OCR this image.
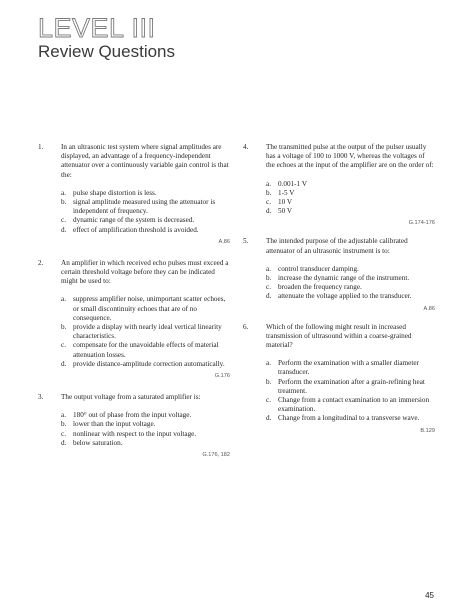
LEVEL III
Review Questions
1. In an ultrasonic test system where signal amplitudes are displayed, an advantage of a frequency-independent attenuator over a continuously variable gain control is that the:
a. pulse shape distortion is less.
b. signal amplitude measured using the attenuator is independent of frequency.
c. dynamic range of the system is decreased.
d. effect of amplification threshold is avoided.
A.86
2. An amplifier in which received echo pulses must exceed a certain threshold voltage before they can be indicated might be used to:
a. suppress amplifier noise, unimportant scatter echoes, or small discontinuity echoes that are of no consequence.
b. provide a display with nearly ideal vertical linearity characteristics.
c. compensate for the unavoidable effects of material attenuation losses.
d. provide distance-amplitude correction automatically.
G.176
3. The output voltage from a saturated amplifier is:
a. 180° out of phase from the input voltage.
b. lower than the input voltage.
c. nonlinear with respect to the input voltage.
d. below saturation.
G.176, 182
4. The transmitted pulse at the output of the pulser usually has a voltage of 100 to 1000 V, whereas the voltages of the echoes at the input of the amplifier are on the order of:
a. 0.001-1 V
b. 1-5 V
c. 10 V
d. 50 V
G.174-176
5. The intended purpose of the adjustable calibrated attenuator of an ultrasonic instrument is to:
a. control transducer damping.
b. increase the dynamic range of the instrument.
c. broaden the frequency range.
d. attenuate the voltage applied to the transducer.
A.86
6. Which of the following might result in increased transmission of ultrasound within a coarse-grained material?
a. Perform the examination with a smaller diameter transducer.
b. Perform the examination after a grain-refining heat treatment.
c. Change from a contact examination to an immersion examination.
d. Change from a longitudinal to a transverse wave.
B.129
45
